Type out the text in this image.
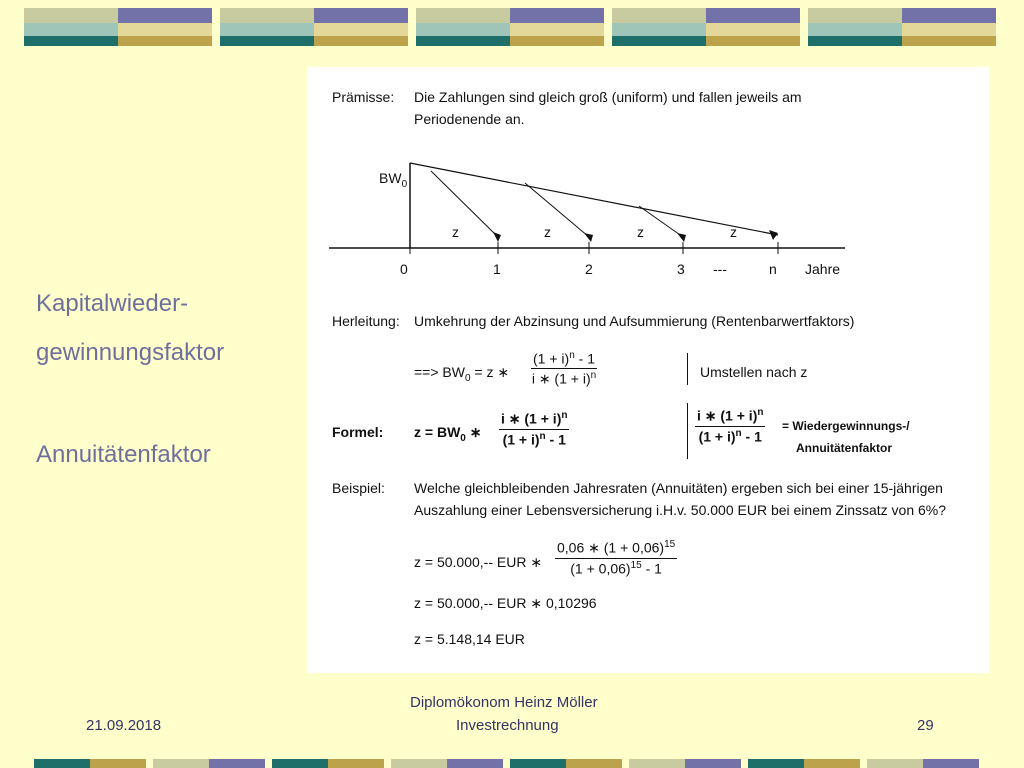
Kapitalwieder-
gewinnungsfaktor
Annuitätenfaktor
Prämisse: Die Zahlungen sind gleich groß (uniform) und fallen jeweils am
Periodenende an.
$BW_0$
z	z	z	z
0	1	2	3 ---	n Jahre
Herleitung: Umkehrung der Abzinsung und Aufsummierung (Rentenbarwertfaktors)
==> $BW_0 = z$ ∗ $\frac{(1 + i)^n - 1}{i ∗ (1 + i)^n}$	Umstellen nach z
Formel: $z = BW_0$ ∗ $\frac{i ∗ (1 + i)^n}{(1 + i)^n - 1}$	$\frac{i ∗ (1 + i)^n}{(1 + i)^n - 1}$ = Wiedergewinnungs-/
Annuitätenfaktor
Beispiel: Welche gleichbleibenden Jahresraten (Annuitäten) ergeben sich bei einer 15-jährigen
Auszahlung einer Lebensversicherung i.H.v. 50.000 EUR bei einem Zinssatz von 6%?
z = 50.000,-- EUR ∗ $\frac{0,06 ∗ (1 + 0,06)^{15}}{(1 + 0,06)^{15} - 1}$
z = 50.000,-- EUR ∗ 0,10296
z = 5.148,14 EUR
21.09.2018
Diplomökonom Heinz Möller
Investrechnung	29
